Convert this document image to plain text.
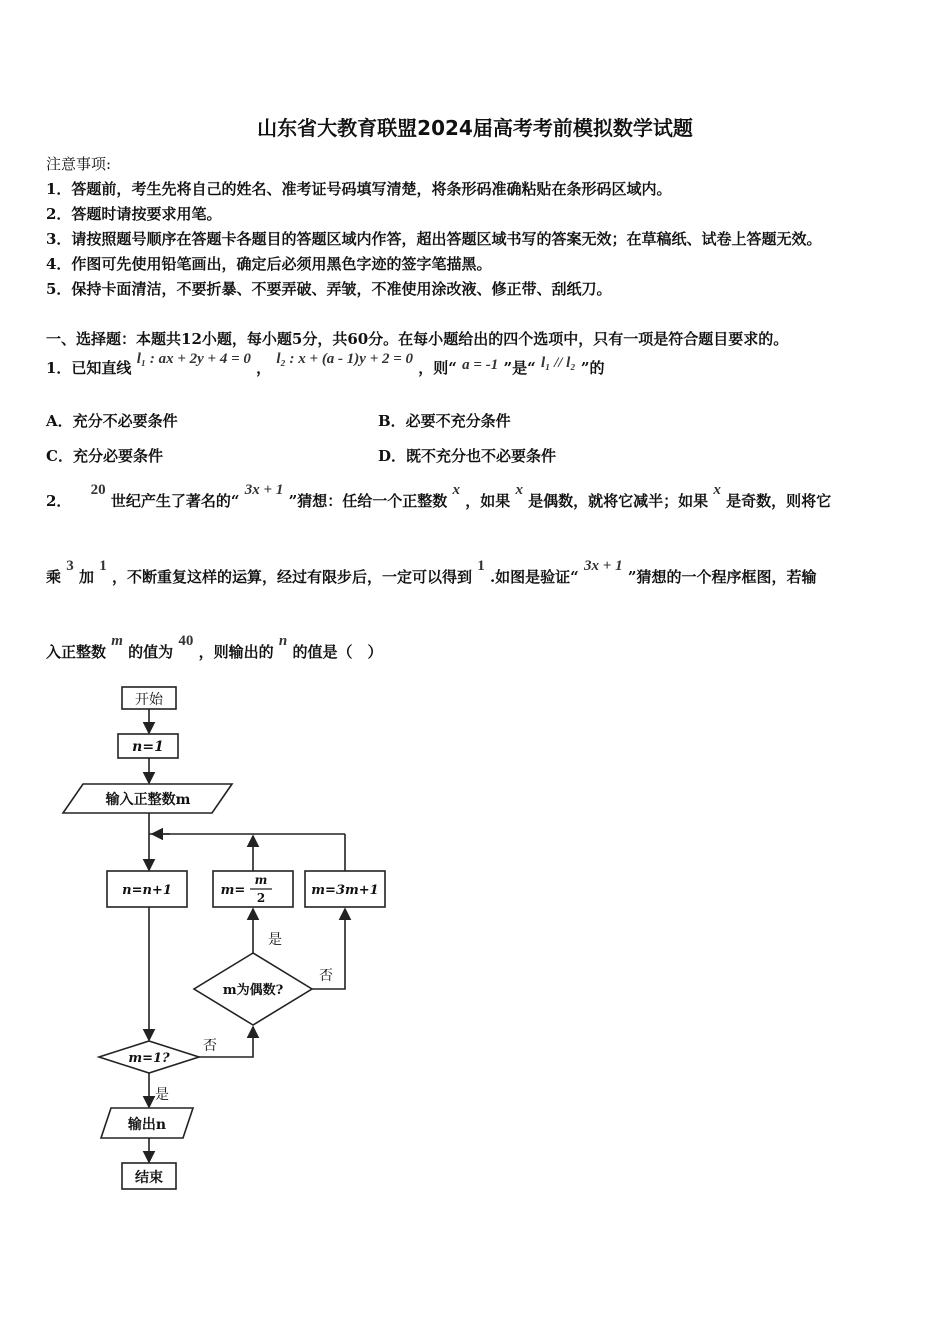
山东省大教育联盟2024届高考考前模拟数学试题
注意事项:
1．答题前，考生先将自己的姓名、准考证号码填写清楚，将条形码准确粘贴在条形码区域内。
2．答题时请按要求用笔。
3．请按照题号顺序在答题卡各题目的答题区域内作答，超出答题区域书写的答案无效；在草稿纸、试卷上答题无效。
4．作图可先使用铅笔画出，确定后必须用黑色字迹的签字笔描黑。
5．保持卡面清洁，不要折暴、不要弄破、弄皱，不准使用涂改液、修正带、刮纸刀。
一、选择题：本题共12小题，每小题5分，共60分。在每小题给出的四个选项中，只有一项是符合题目要求的。
1．已知直线 l₁ : ax + 2y + 4 = 0 ， l₂ : x + (a - 1)y + 2 = 0 ，则“ a = -1 ”是“ l₁ // l₂ ”的
A．充分不必要条件	B．必要不充分条件
C．充分必要条件	D．既不充分也不必要条件
2． 20 世纪产生了著名的“ 3x + 1 ”猜想：任给一个正整数 x ，如果 x 是偶数，就将它减半；如果 x 是奇数，则将它
乘 3 加 1 ，不断重复这样的运算，经过有限步后，一定可以得到 1 .如图是验证“ 3x + 1 ”猜想的一个程序框图，若输
入正整数 m 的值为 40 ，则输出的 n 的值是（　）
开始
n=1
输入正整数m
n=n+1	m=
m
2	m=3m+1
m为偶数?
是
否
m=1?
否
是
输出n
结束
